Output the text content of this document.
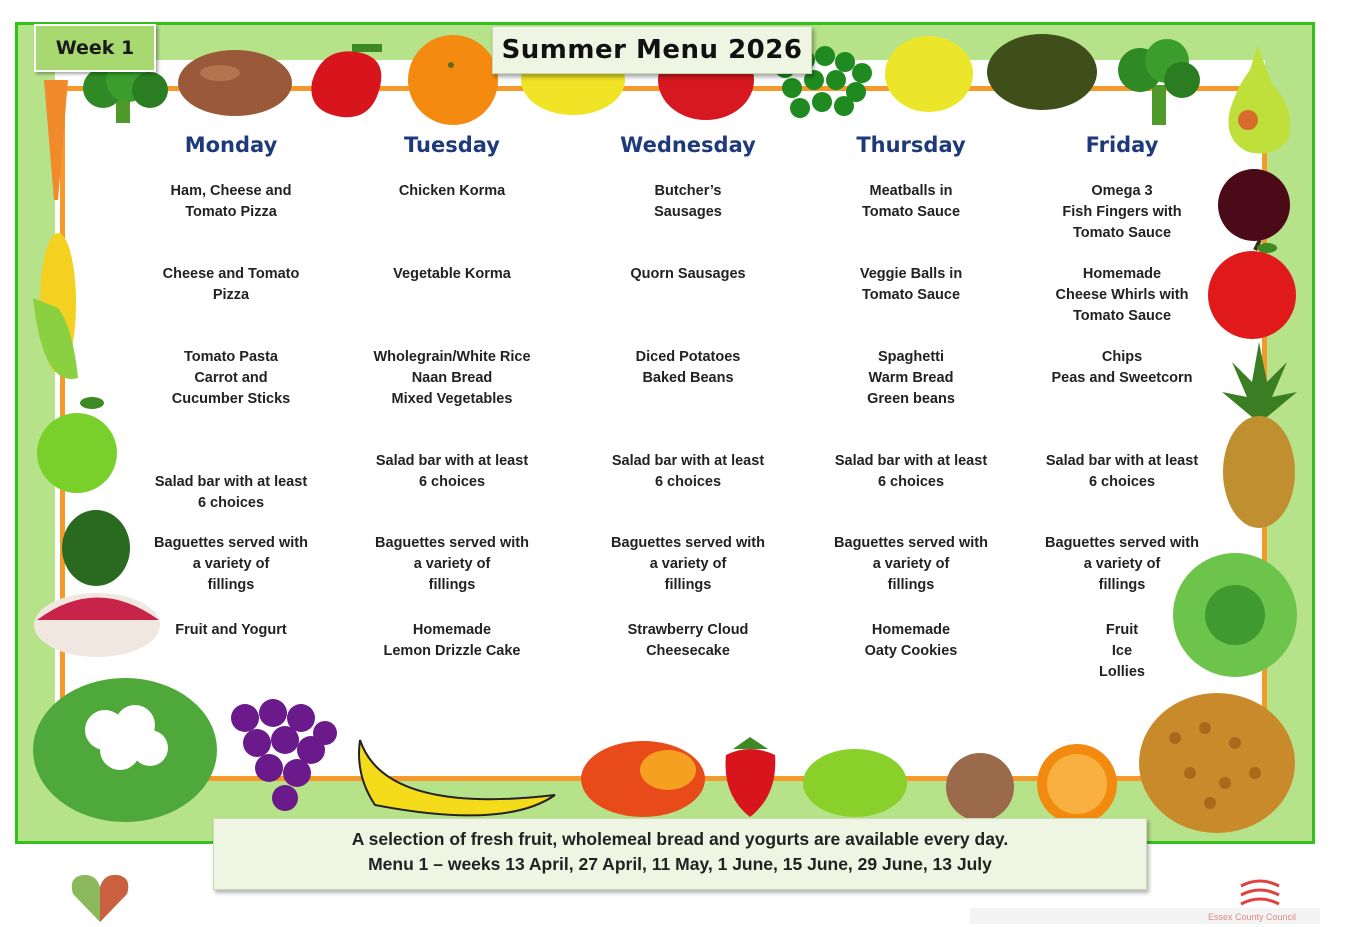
Week 1	Summer Menu 2026
Monday
Ham, Cheese and
Tomato Pizza
Cheese and Tomato
Pizza
Tomato Pasta
Carrot and
Cucumber Sticks
Salad bar with at least
6 choices
Baguettes served with
a variety of
fillings
Fruit and Yogurt
Tuesday
Chicken Korma
Vegetable Korma
Wholegrain/White Rice
Naan Bread
Mixed Vegetables
Salad bar with at least
6 choices
Baguettes served with
a variety of
fillings
Homemade
Lemon Drizzle Cake
Wednesday
Butcher’s
Sausages
Quorn Sausages
Diced Potatoes
Baked Beans
Salad bar with at least
6 choices
Baguettes served with
a variety of
fillings
Strawberry Cloud
Cheesecake
Thursday
Meatballs in
Tomato Sauce
Veggie Balls in
Tomato Sauce
Spaghetti
Warm Bread
Green beans
Salad bar with at least
6 choices
Baguettes served with
a variety of
fillings
Homemade
Oaty Cookies
Friday
Omega 3
Fish Fingers with
Tomato Sauce
Homemade
Cheese Whirls with
Tomato Sauce
Chips
Peas and Sweetcorn
Salad bar with at least
6 choices
Baguettes served with
a variety of
fillings
Fruit
Ice
Lollies
A selection of fresh fruit, wholemeal bread and yogurts are available every day.
Menu 1 – weeks 13 April, 27 April, 11 May, 1 June, 15 June, 29 June, 13 July
Essex County Council
